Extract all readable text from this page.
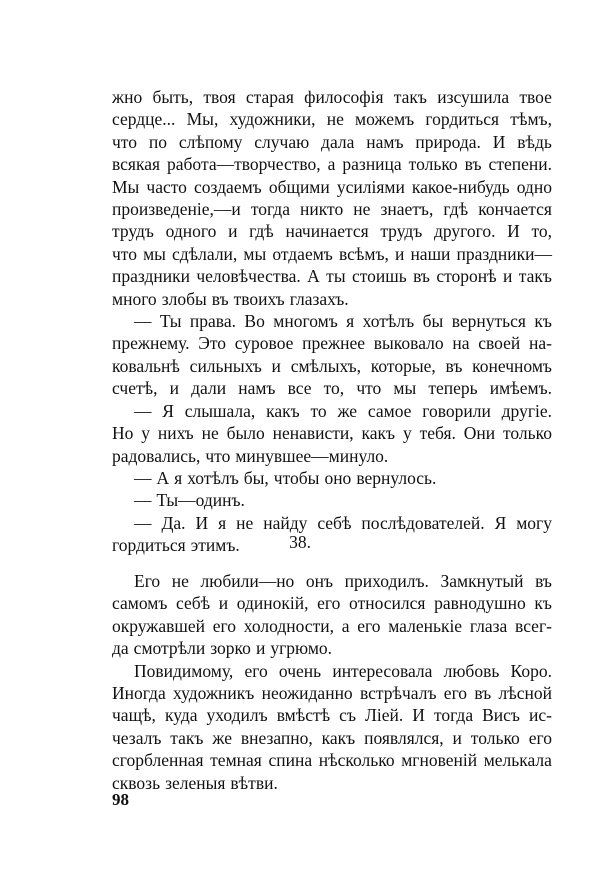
жно быть, твоя старая философія такъ изсушила твое
сердце... Мы, художники, не можемъ гордиться тѣмъ,
что по слѣпому случаю дала намъ природа. И вѣдь
всякая работа—творчество, а разница только въ степени.
Мы часто создаемъ общими усиліями какое-нибудь одно
произведеніе,—и тогда никто не знаетъ, гдѣ кончается
трудъ одного и гдѣ начинается трудъ другого. И то,
что мы сдѣлали, мы отдаемъ всѣмъ, и наши праздники—
праздники человѣчества. А ты стоишь въ сторонѣ и такъ
много злобы въ твоихъ глазахъ.
— Ты права. Во многомъ я хотѣлъ бы вернуться къ
прежнему. Это суровое прежнее выковало на своей на-
ковальнѣ сильныхъ и смѣлыхъ, которые, въ конечномъ
счетѣ, и дали намъ все то, что мы теперь имѣемъ.
— Я слышала, какъ то же самое говорили другіе.
Но у нихъ не было ненависти, какъ у тебя. Они только
радовались, что минувшее—минуло.
— А я хотѣлъ бы, чтобы оно вернулось.
— Ты—одинъ.
— Да. И я не найду себѣ послѣдователей. Я могу
гордиться этимъ.	38.
Его не любили—но онъ приходилъ. Замкнутый въ
самомъ себѣ и одинокій, его относился равнодушно къ
окружавшей его холодности, а его маленькіе глаза всег-
да смотрѣли зорко и угрюмо.
Повидимому, его очень интересовала любовь Коро.
Иногда художникъ неожиданно встрѣчалъ его въ лѣсной
чащѣ, куда уходилъ вмѣстѣ съ Ліей. И тогда Висъ ис-
чезалъ такъ же внезапно, какъ появлялся, и только его
сгорбленная темная спина нѣсколько мгновеній мелькала
сквозь зеленыя вѣтви.
98
